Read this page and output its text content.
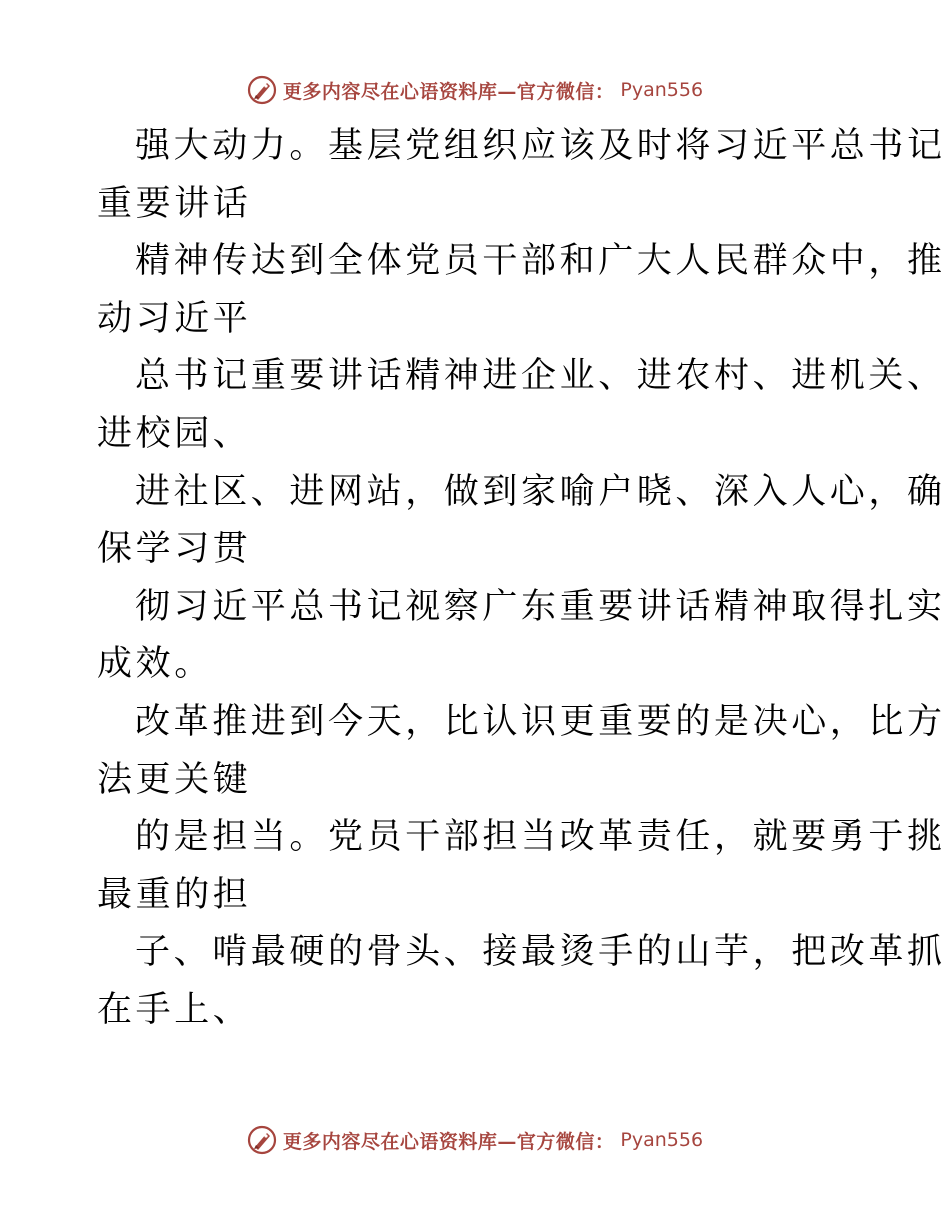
更多内容尽在心语资料库—官方微信： Pyan556
强大动力。基层党组织应该及时将习近平总书记
重要讲话
精神传达到全体党员干部和广大人民群众中，推
动习近平
总书记重要讲话精神进企业、进农村、进机关、
进校园、
进社区、进网站，做到家喻户晓、深入人心，确
保学习贯
彻习近平总书记视察广东重要讲话精神取得扎实
成效。
改革推进到今天，比认识更重要的是决心，比方
法更关键
的是担当。党员干部担当改革责任，就要勇于挑
最重的担
子、啃最硬的骨头、接最烫手的山芋，把改革抓
在手上、
更多内容尽在心语资料库—官方微信： Pyan556
